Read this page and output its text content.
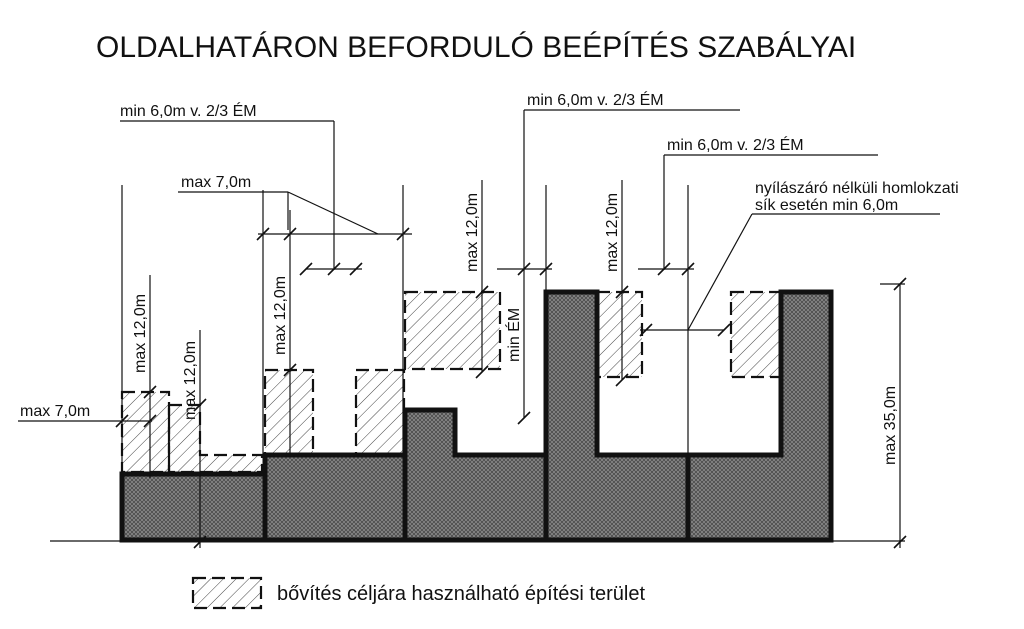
OLDALHATÁRON BEFORDULÓ BEÉPÍTÉS SZABÁLYAI
min 6,0m v. 2/3 ÉM
min 6,0m v. 2/3 ÉM
min 6,0m v. 2/3 ÉM
max 7,0m
max 7,0m
nyílászáró nélküli homlokzati
sík esetén min 6,0m
max 12,0m
max 12,0m
max 12,0m
max 12,0m	max 12,0m
min ÉM
max 35,0m
bővítés céljára használható építési terület
